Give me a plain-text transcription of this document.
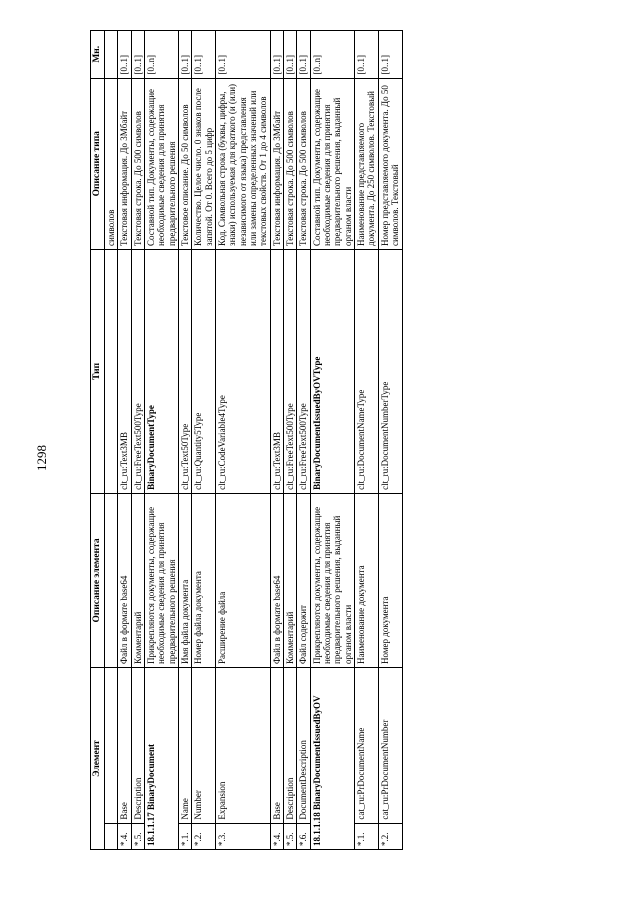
1298
Элемент		Описание элемента	Тип	Описание типа	Мн.
				символов	
*.4.	Base	Файл в формате base64	clt_ru:Text3MB	Текстовая информация. До 3Мбайт	[0..1]
*.5.	Description	Комментарий	clt_ru:FreeText500Type	Текстовая строка. До 500 символов	[0..1]
18.1.1.17 BinaryDocument		Прикрепляются документы, содержащие необходимые сведения для принятия предварительного решения	BinaryDocumentType	Составной тип. Документы, содержащие необходимые сведения для принятия предварительного решения	[0..n]
*.1.	Name	Имя файла документа	clt_ru:Text50Type	Текстовое описание. До 50 символов	[0..1]
*.2.	Number	Номер файла документа	clt_ru:Quantity5Type	Количество. Целое число. 0 знаков после запятой. От 0. Всего до 5 цифр	[0..1]
*.3.	Expansion	Расширение файла	clt_ru:CodeVariable4Type	Код. Символьная строка (буквы, цифры, знаки) используемая для краткого (и (или) независимого от языка) представления или замены определенных значений или текстовых свойств. От 1 до 4 символов	[0..1]
*.4.	Base	Файл в формате base64	clt_ru:Text3MB	Текстовая информация. До 3Мбайт	[0..1]
*.5.	Description	Комментарий	clt_ru:FreeText500Type	Текстовая строка. До 500 символов	[0..1]
*.6.	DocumentDescription	Файл содержит	clt_ru:FreeText500Type	Текстовая строка. До 500 символов	[0..1]
18.1.1.18 BinaryDocumentIssuedByOV		Прикрепляются документы, содержащие необходимые сведения для принятия предварительного решения, выданный органом власти	BinaryDocumentIssuedByOVType	Составной тип. Документы, содержащие необходимые сведения для принятия предварительного решения, выданный органом власти	[0..n]
*.1.	cat_ru:PrDocumentName	Наименование документа	clt_ru:DocumentNameType	Наименование представляемого документа. До 250 символов. Текстовый	[0..1]
*.2.	cat_ru:PrDocumentNumber	Номер документа	clt_ru:DocumentNumberType	Номер представляемого документа. До 50 символов. Текстовый	[0..1]
